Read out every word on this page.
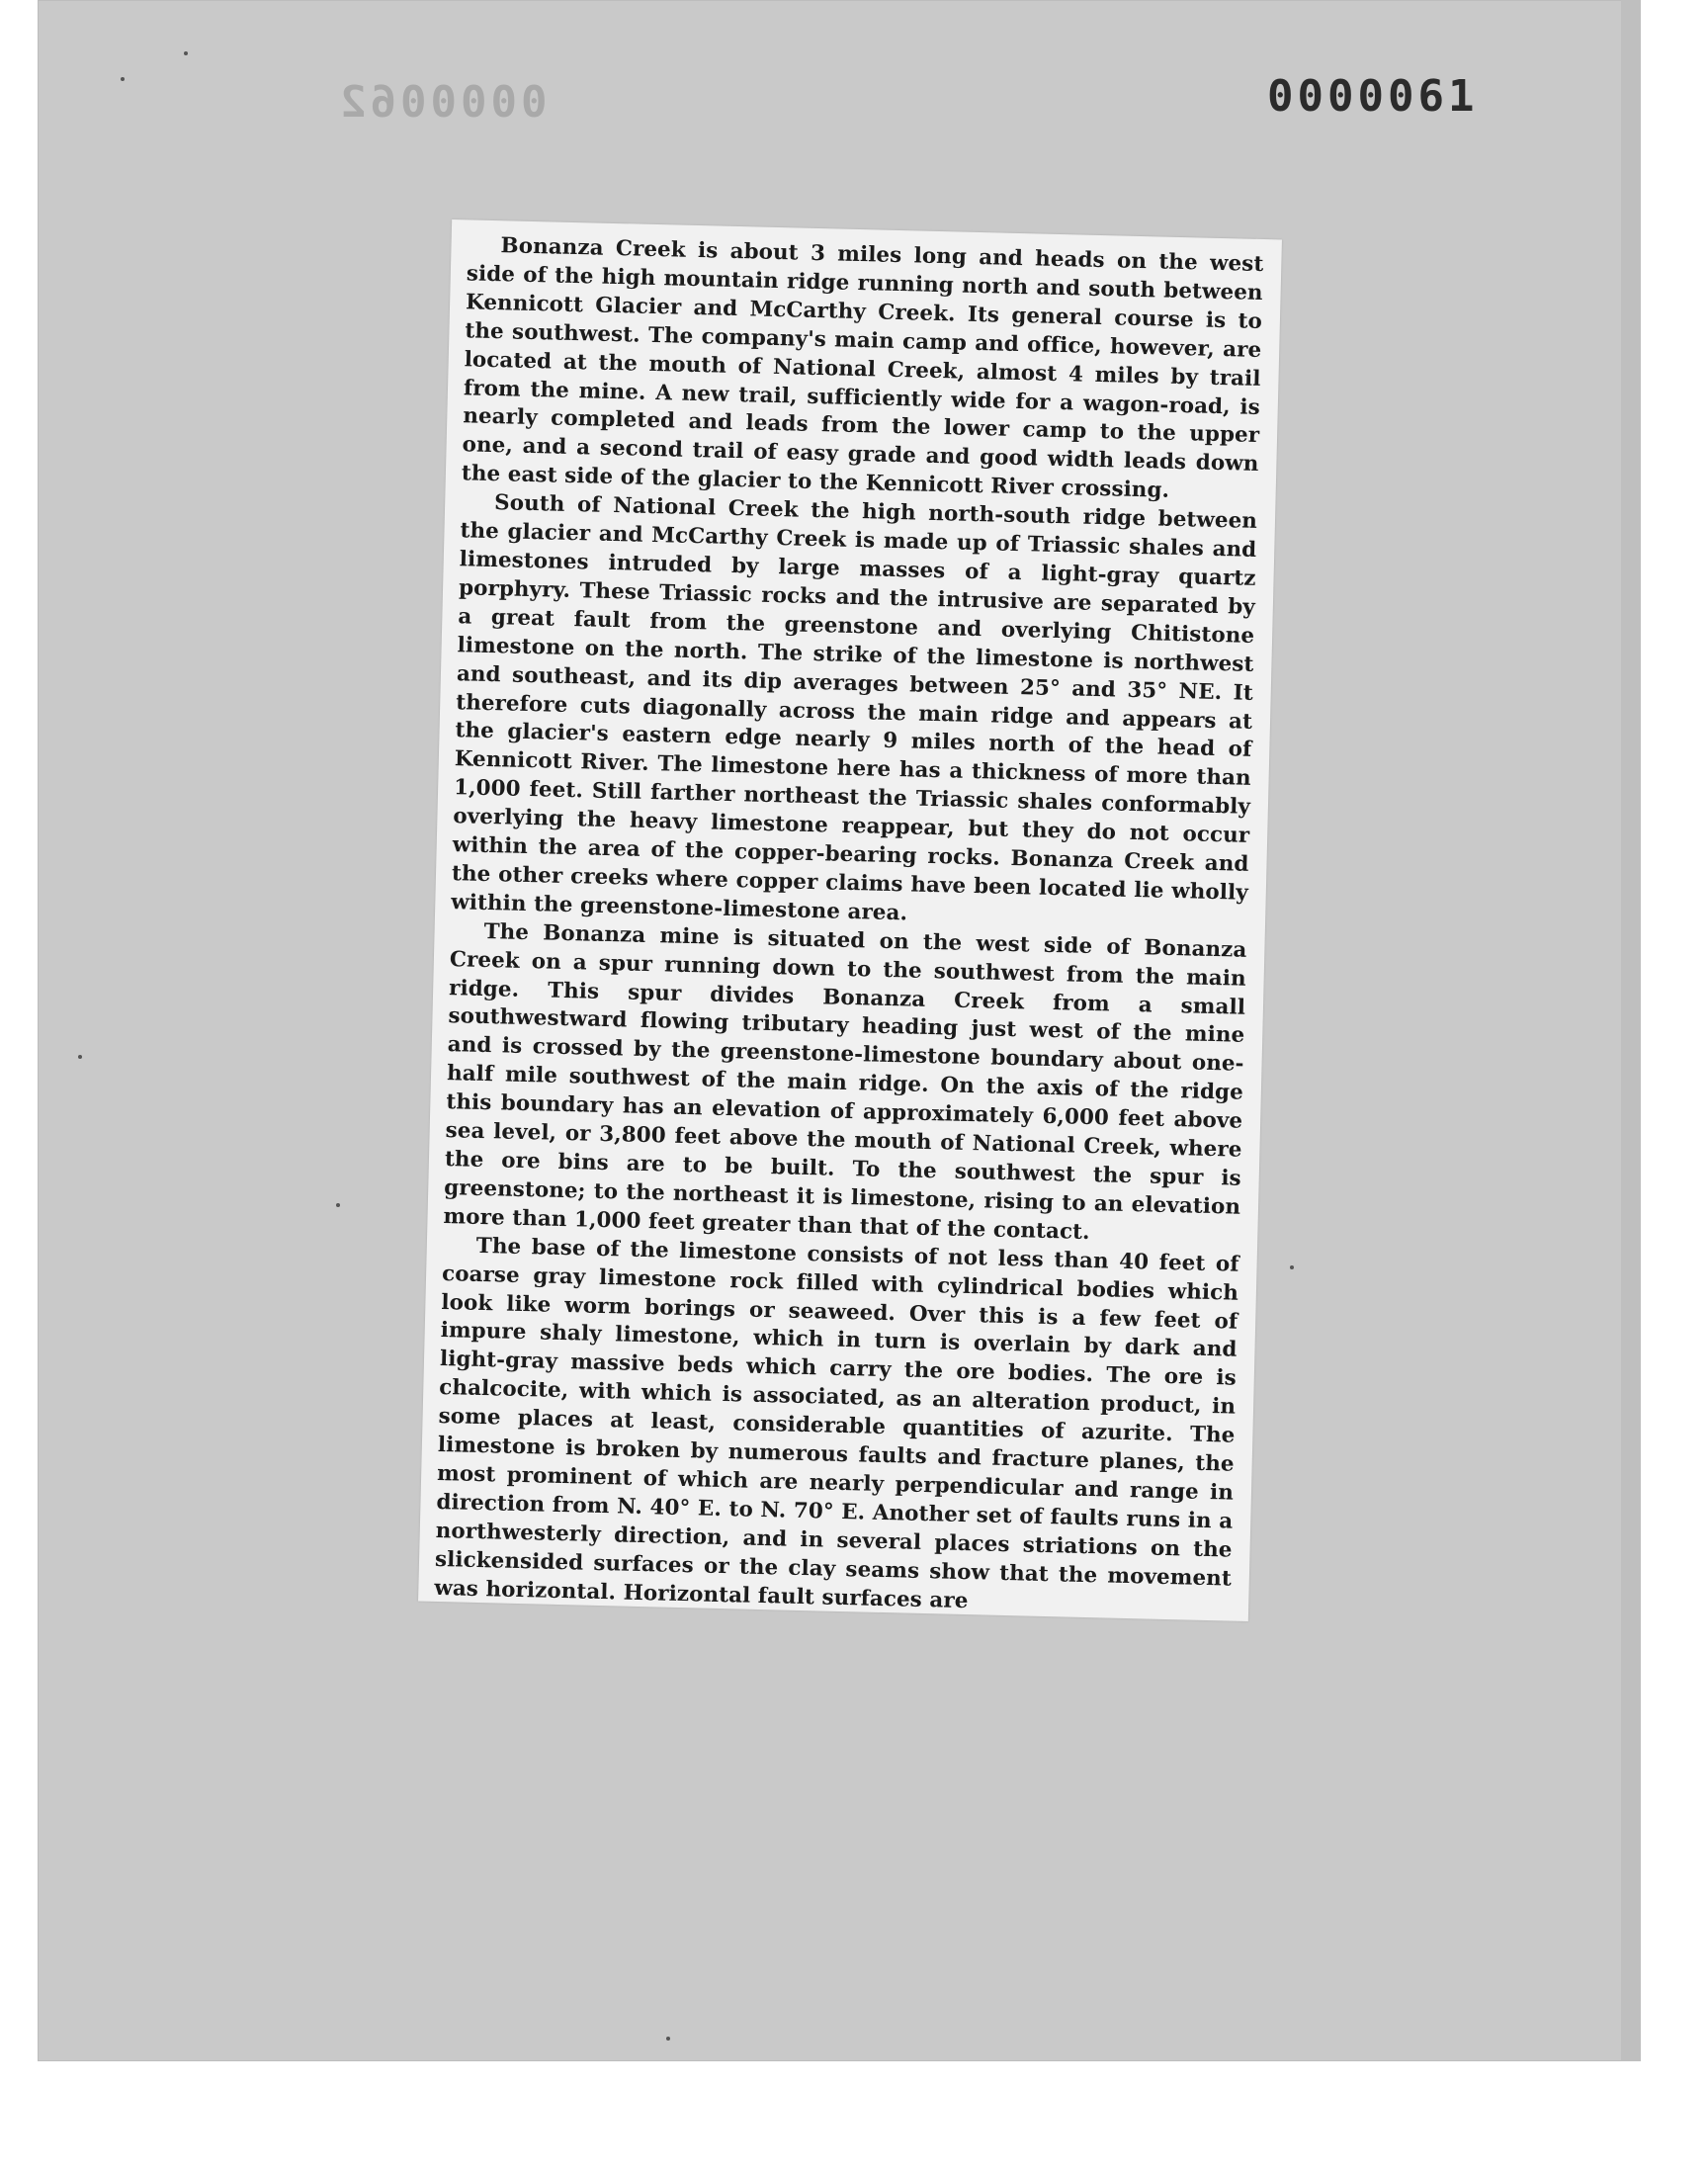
0000062	0000061

Bonanza Creek is about 3 miles long and heads on the west side of the high mountain ridge running north and south between Kennicott Glacier and McCarthy Creek. Its general course is to the southwest. The company's main camp and office, however, are located at the mouth of National Creek, almost 4 miles by trail from the mine. A new trail, sufficiently wide for a wagon-road, is nearly completed and leads from the lower camp to the upper one, and a second trail of easy grade and good width leads down the east side of the glacier to the Kennicott River crossing.

South of National Creek the high north-south ridge between the glacier and McCarthy Creek is made up of Triassic shales and limestones intruded by large masses of a light-gray quartz porphyry. These Triassic rocks and the intrusive are separated by a great fault from the greenstone and overlying Chitistone limestone on the north. The strike of the limestone is northwest and southeast, and its dip averages between 25° and 35° NE. It therefore cuts diagonally across the main ridge and appears at the glacier's eastern edge nearly 9 miles north of the head of Kennicott River. The limestone here has a thickness of more than 1,000 feet. Still farther northeast the Triassic shales conformably overlying the heavy limestone reappear, but they do not occur within the area of the copper-bearing rocks. Bonanza Creek and the other creeks where copper claims have been located lie wholly within the greenstone-limestone area.

The Bonanza mine is situated on the west side of Bonanza Creek on a spur running down to the southwest from the main ridge. This spur divides Bonanza Creek from a small southwestward flowing tributary heading just west of the mine and is crossed by the greenstone-limestone boundary about one-half mile southwest of the main ridge. On the axis of the ridge this boundary has an elevation of approximately 6,000 feet above sea level, or 3,800 feet above the mouth of National Creek, where the ore bins are to be built. To the southwest the spur is greenstone; to the northeast it is limestone, rising to an elevation more than 1,000 feet greater than that of the contact.

The base of the limestone consists of not less than 40 feet of coarse gray limestone rock filled with cylindrical bodies which look like worm borings or seaweed. Over this is a few feet of impure shaly limestone, which in turn is overlain by dark and light-gray massive beds which carry the ore bodies. The ore is chalcocite, with which is associated, as an alteration product, in some places at least, considerable quantities of azurite. The limestone is broken by numerous faults and fracture planes, the most prominent of which are nearly perpendicular and range in direction from N. 40° E. to N. 70° E. Another set of faults runs in a northwesterly direction, and in several places striations on the slickensided surfaces or the clay seams show that the movement was horizontal. Horizontal fault surfaces are
